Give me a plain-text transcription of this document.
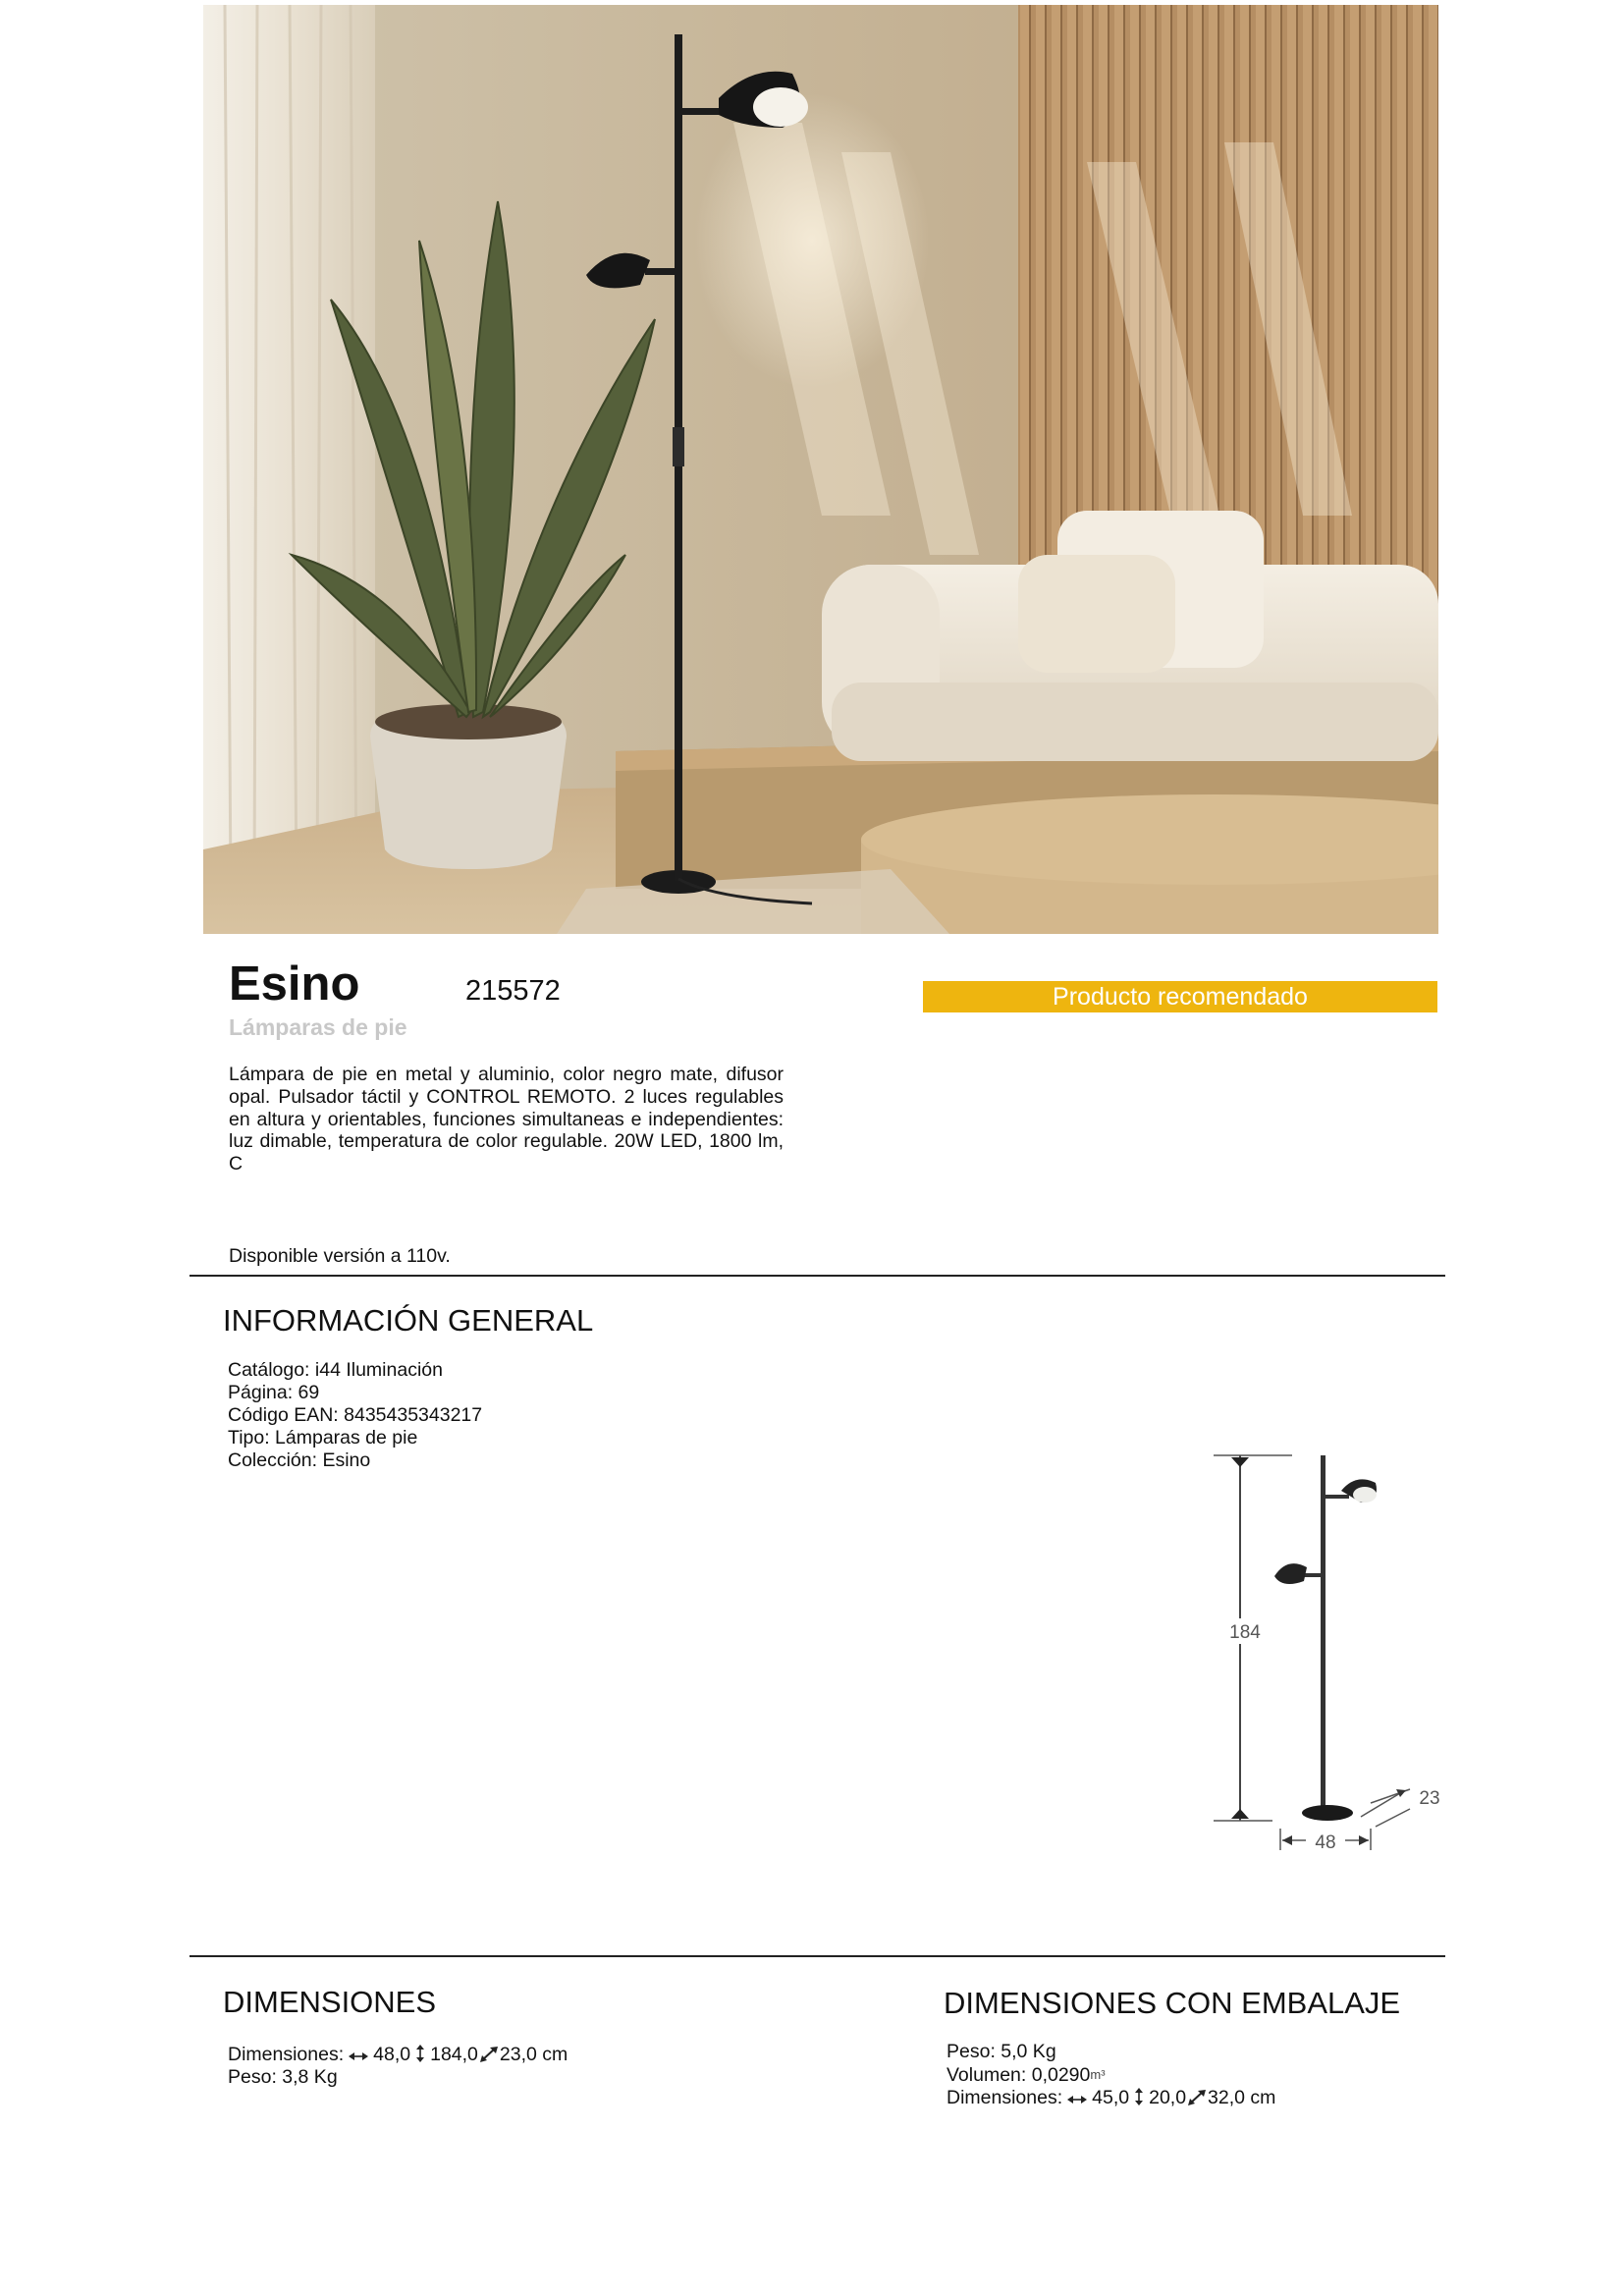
Esino	215572
Lámparas de pie
Producto recomendado
Lámpara de pie en metal y aluminio, color negro mate, difusor opal. Pulsador táctil y CONTROL REMOTO. 2 luces regulables en altura y orientables, funciones simultaneas e independientes: luz dimable, temperatura de color regulable. 20W LED, 1800 lm, C
Disponible versión a 110v.
INFORMACIÓN GENERAL
Catálogo: i44 Iluminación
Página: 69
Código EAN: 8435435343217
Tipo: Lámparas de pie
Colección: Esino
184
48
23
DIMENSIONES
Dimensiones: 48,0 184,0 23,0 cm
Peso: 3,8 Kg
DIMENSIONES CON EMBALAJE
Peso: 5,0 Kg
Volumen: 0,0290m³
Dimensiones: 45,0 20,0 32,0 cm
